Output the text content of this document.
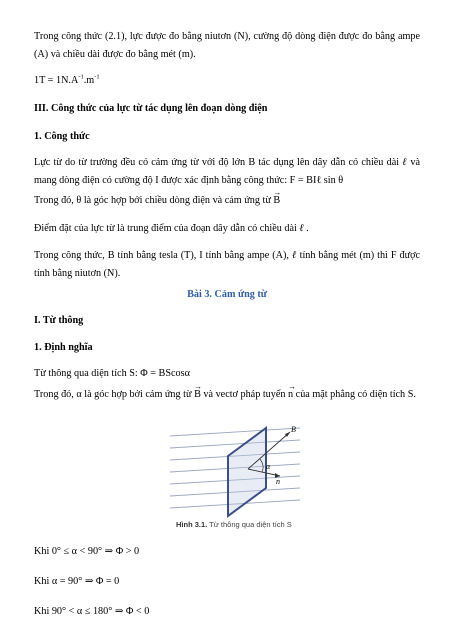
Trong công thức (2.1), lực được đo bằng niutơn (N), cường độ dòng điện được đo bằng ampe (A) và chiều dài được đo bằng mét (m).

$1T = 1N.A^{-1}.m^{-1}$

III. Công thức của lực từ tác dụng lên đoạn dòng điện

1. Công thức

Lực từ do từ trường đều có cảm ứng từ với độ lớn B tác dụng lên dây dẫn có chiều dài ℓ và mang dòng điện có cường độ I được xác định bằng công thức: F = BIℓ sin θ

Trong đó, θ là góc hợp bởi chiều dòng điện và cảm ứng từ → B

Điểm đặt của lực từ là trung điểm của đoạn dây dẫn có chiều dài ℓ .

Trong công thức, B tính bằng tesla (T), I tính bằng ampe (A), ℓ tính bằng mét (m) thì F được tính bằng niutơn (N).

Bài 3. Cảm ứng từ

I. Từ thông

1. Định nghĩa

Từ thông qua diện tích S: Φ = BScosα

Trong đó, α là góc hợp bởi cảm ứng từ → B và vectơ pháp tuyến → n của mặt phẳng có diện tích S.

B
α
n
Hình 3.1. Từ thông qua diện tích S

Khi 0° ≤ α < 90° ⇒ Φ > 0

Khi α = 90° ⇒ Φ = 0

Khi 90° < α ≤ 180° ⇒ Φ < 0
